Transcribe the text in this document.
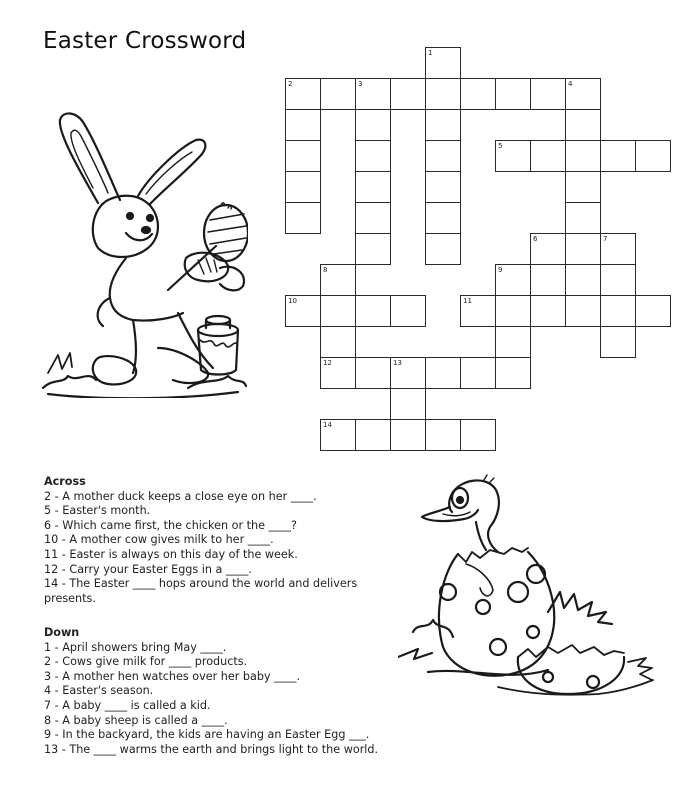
Easter Crossword	1
2	3	4
5
6	7
8	9
10	11
12	13
14
Across
2 - A mother duck keeps a close eye on her ____.
5 - Easter's month.
6 - Which came first, the chicken or the ____?
10 - A mother cow gives milk to her ____.
11 - Easter is always on this day of the week.
12 - Carry your Easter Eggs in a ____.
14 - The Easter ____ hops around the world and delivers presents.
Down
1 - April showers bring May ____.
2 - Cows give milk for ____ products.
3 - A mother hen watches over her baby ____.
4 - Easter's season.
7 - A baby ____ is called a kid.
8 - A baby sheep is called a ____.
9 - In the backyard, the kids are having an Easter Egg ___.
13 - The ____ warms the earth and brings light to the world.
